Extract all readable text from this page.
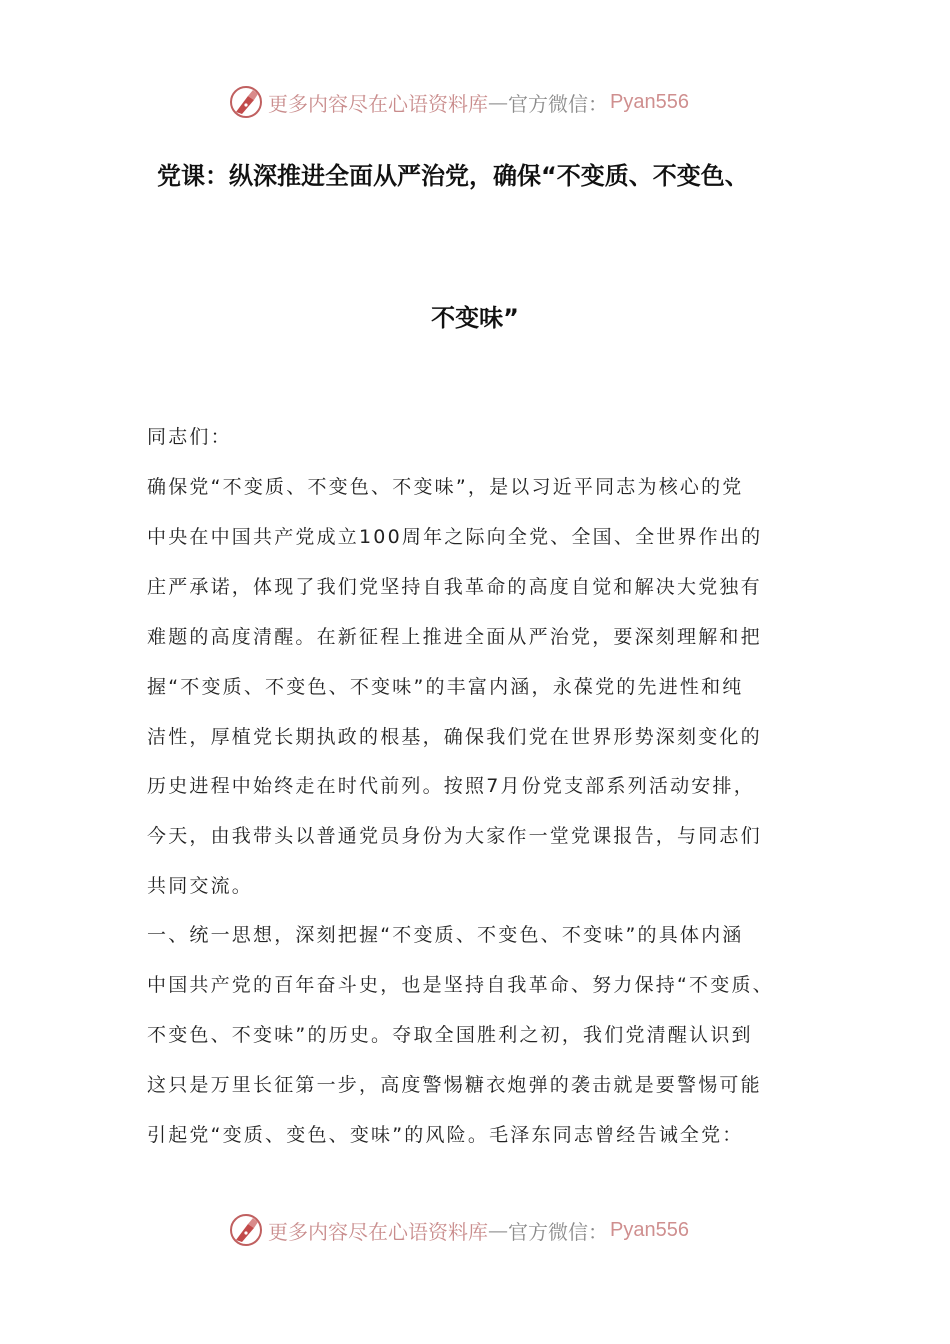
更多内容尽在心语资料库 — 官方微信： Pyan556
党课：纵深推进全面从严治党，确保“不变质、不变色、
不变味”
同志们：
确保党“不变质、不变色、不变味”，是以习近平同志为核心的党
中央在中国共产党成立100周年之际向全党、全国、全世界作出的
庄严承诺，体现了我们党坚持自我革命的高度自觉和解决大党独有
难题的高度清醒。在新征程上推进全面从严治党，要深刻理解和把
握“不变质、不变色、不变味”的丰富内涵，永葆党的先进性和纯
洁性，厚植党长期执政的根基，确保我们党在世界形势深刻变化的
历史进程中始终走在时代前列。按照7月份党支部系列活动安排，
今天，由我带头以普通党员身份为大家作一堂党课报告，与同志们
共同交流。
一、统一思想，深刻把握“不变质、不变色、不变味”的具体内涵
中国共产党的百年奋斗史，也是坚持自我革命、努力保持“不变质、
不变色、不变味”的历史。夺取全国胜利之初，我们党清醒认识到
这只是万里长征第一步，高度警惕糖衣炮弹的袭击就是要警惕可能
引起党“变质、变色、变味”的风险。毛泽东同志曾经告诫全党：
更多内容尽在心语资料库 — 官方微信： Pyan556
